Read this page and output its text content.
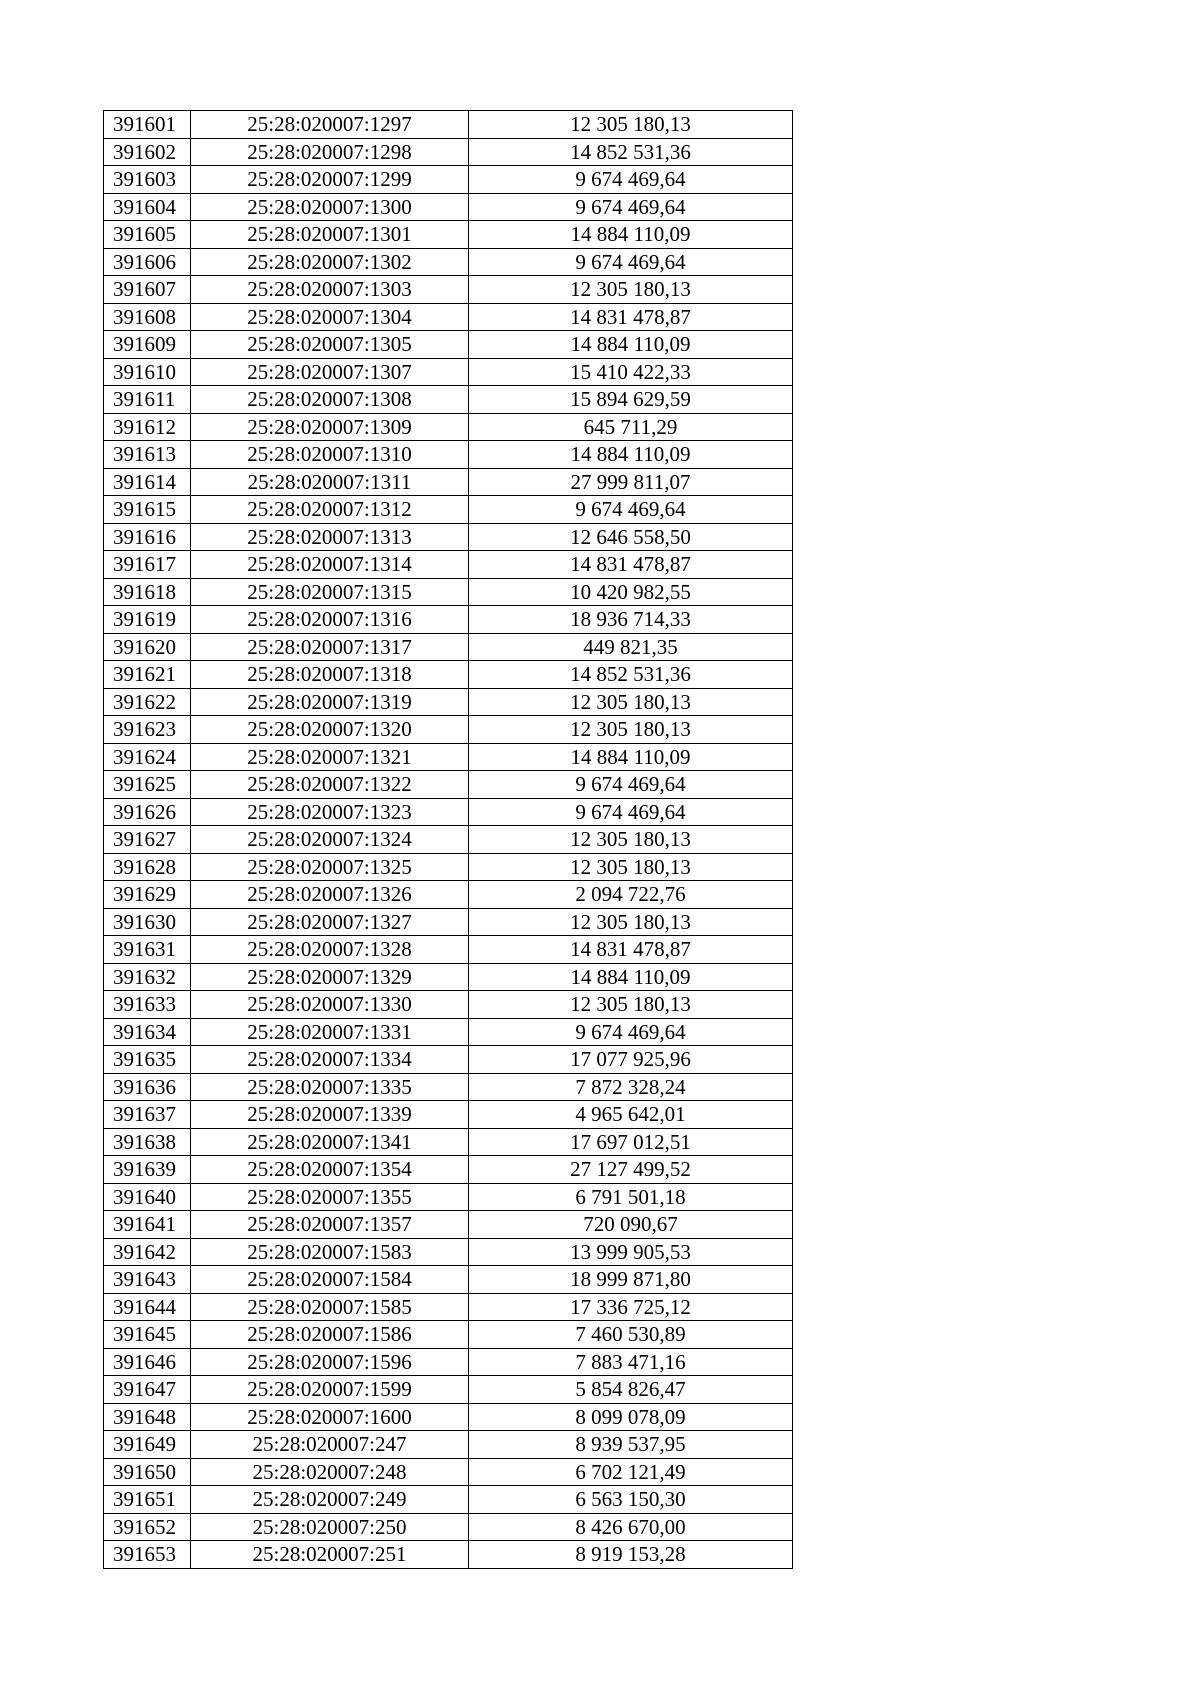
391601	25:28:020007:1297	12 305 180,13
391602	25:28:020007:1298	14 852 531,36
391603	25:28:020007:1299	9 674 469,64
391604	25:28:020007:1300	9 674 469,64
391605	25:28:020007:1301	14 884 110,09
391606	25:28:020007:1302	9 674 469,64
391607	25:28:020007:1303	12 305 180,13
391608	25:28:020007:1304	14 831 478,87
391609	25:28:020007:1305	14 884 110,09
391610	25:28:020007:1307	15 410 422,33
391611	25:28:020007:1308	15 894 629,59
391612	25:28:020007:1309	645 711,29
391613	25:28:020007:1310	14 884 110,09
391614	25:28:020007:1311	27 999 811,07
391615	25:28:020007:1312	9 674 469,64
391616	25:28:020007:1313	12 646 558,50
391617	25:28:020007:1314	14 831 478,87
391618	25:28:020007:1315	10 420 982,55
391619	25:28:020007:1316	18 936 714,33
391620	25:28:020007:1317	449 821,35
391621	25:28:020007:1318	14 852 531,36
391622	25:28:020007:1319	12 305 180,13
391623	25:28:020007:1320	12 305 180,13
391624	25:28:020007:1321	14 884 110,09
391625	25:28:020007:1322	9 674 469,64
391626	25:28:020007:1323	9 674 469,64
391627	25:28:020007:1324	12 305 180,13
391628	25:28:020007:1325	12 305 180,13
391629	25:28:020007:1326	2 094 722,76
391630	25:28:020007:1327	12 305 180,13
391631	25:28:020007:1328	14 831 478,87
391632	25:28:020007:1329	14 884 110,09
391633	25:28:020007:1330	12 305 180,13
391634	25:28:020007:1331	9 674 469,64
391635	25:28:020007:1334	17 077 925,96
391636	25:28:020007:1335	7 872 328,24
391637	25:28:020007:1339	4 965 642,01
391638	25:28:020007:1341	17 697 012,51
391639	25:28:020007:1354	27 127 499,52
391640	25:28:020007:1355	6 791 501,18
391641	25:28:020007:1357	720 090,67
391642	25:28:020007:1583	13 999 905,53
391643	25:28:020007:1584	18 999 871,80
391644	25:28:020007:1585	17 336 725,12
391645	25:28:020007:1586	7 460 530,89
391646	25:28:020007:1596	7 883 471,16
391647	25:28:020007:1599	5 854 826,47
391648	25:28:020007:1600	8 099 078,09
391649	25:28:020007:247	8 939 537,95
391650	25:28:020007:248	6 702 121,49
391651	25:28:020007:249	6 563 150,30
391652	25:28:020007:250	8 426 670,00
391653	25:28:020007:251	8 919 153,28
